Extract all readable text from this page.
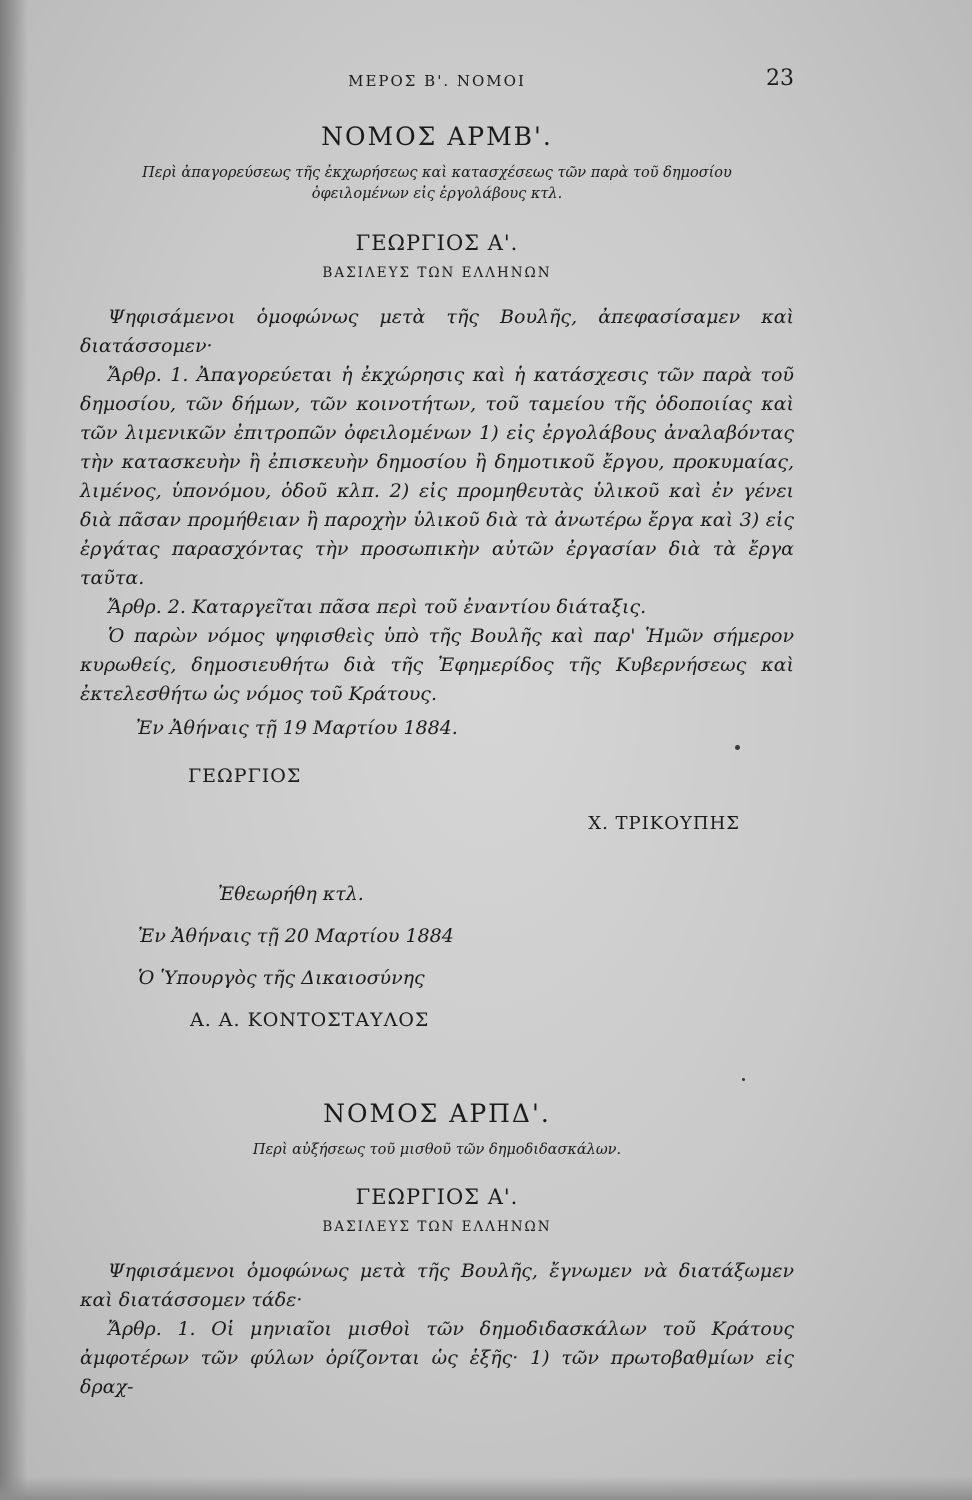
ΜΕΡΟΣ Β'. ΝΟΜΟΙ	23
ΝΟΜΟΣ ΑΡΜΒ'.
Περὶ ἀπαγορεύσεως τῆς ἐκχωρήσεως καὶ κατασχέσεως τῶν παρὰ τοῦ δημοσίου ὀφειλομένων εἰς ἐργολάβους κτλ.
ΓΕΩΡΓΙΟΣ Α'.
ΒΑΣΙΛΕΥΣ ΤΩΝ ΕΛΛΗΝΩΝ

Ψηφισάμενοι ὁμοφώνως μετὰ τῆς Βουλῆς, ἀπεφασίσαμεν καὶ διατάσσομεν·

Ἄρθρ. 1. Ἀπαγορεύεται ἡ ἐκχώρησις καὶ ἡ κατάσχεσις τῶν παρὰ τοῦ δημοσίου, τῶν δήμων, τῶν κοινοτήτων, τοῦ ταμείου τῆς ὁδοποιίας καὶ τῶν λιμενικῶν ἐπιτροπῶν ὀφειλομένων 1) εἰς ἐργολάβους ἀναλαβόντας τὴν κατασκευὴν ἢ ἐπισκευὴν δημοσίου ἢ δημοτικοῦ ἔργου, προκυμαίας, λιμένος, ὑπονόμου, ὁδοῦ κλπ. 2) εἰς προμηθευτὰς ὑλικοῦ καὶ ἐν γένει διὰ πᾶσαν προμήθειαν ἢ παροχὴν ὑλικοῦ διὰ τὰ ἀνωτέρω ἔργα καὶ 3) εἰς ἐργάτας παρασχόντας τὴν προσωπικὴν αὐτῶν ἐργασίαν διὰ τὰ ἔργα ταῦτα.

Ἄρθρ. 2. Καταργεῖται πᾶσα περὶ τοῦ ἐναντίου διάταξις.

Ὁ παρὼν νόμος ψηφισθεὶς ὑπὸ τῆς Βουλῆς καὶ παρ' Ἡμῶν σήμερον κυρωθείς, δημοσιευθήτω διὰ τῆς Ἐφημερίδος τῆς Κυβερνήσεως καὶ ἐκτελεσθήτω ὡς νόμος τοῦ Κράτους.

Ἐν Ἀθήναις τῇ 19 Μαρτίου 1884.
ΓΕΩΡΓΙΟΣ
Χ. ΤΡΙΚΟΥΠΗΣ
Ἐθεωρήθη κτλ.
Ἐν Ἀθήναις τῇ 20 Μαρτίου 1884
Ὁ Ὑπουργὸς τῆς Δικαιοσύνης
Α. Α. ΚΟΝΤΟΣΤΑΥΛΟΣ
ΝΟΜΟΣ ΑΡΠΔ'.
Περὶ αὐξήσεως τοῦ μισθοῦ τῶν δημοδιδασκάλων.
ΓΕΩΡΓΙΟΣ Α'.
ΒΑΣΙΛΕΥΣ ΤΩΝ ΕΛΛΗΝΩΝ

Ψηφισάμενοι ὁμοφώνως μετὰ τῆς Βουλῆς, ἔγνωμεν νὰ διατάξωμεν καὶ διατάσσομεν τάδε·

Ἄρθρ. 1. Οἱ μηνιαῖοι μισθοὶ τῶν δημοδιδασκάλων τοῦ Κράτους ἀμφοτέρων τῶν φύλων ὁρίζονται ὡς ἑξῆς· 1) τῶν πρωτοβαθμίων εἰς δραχ-
